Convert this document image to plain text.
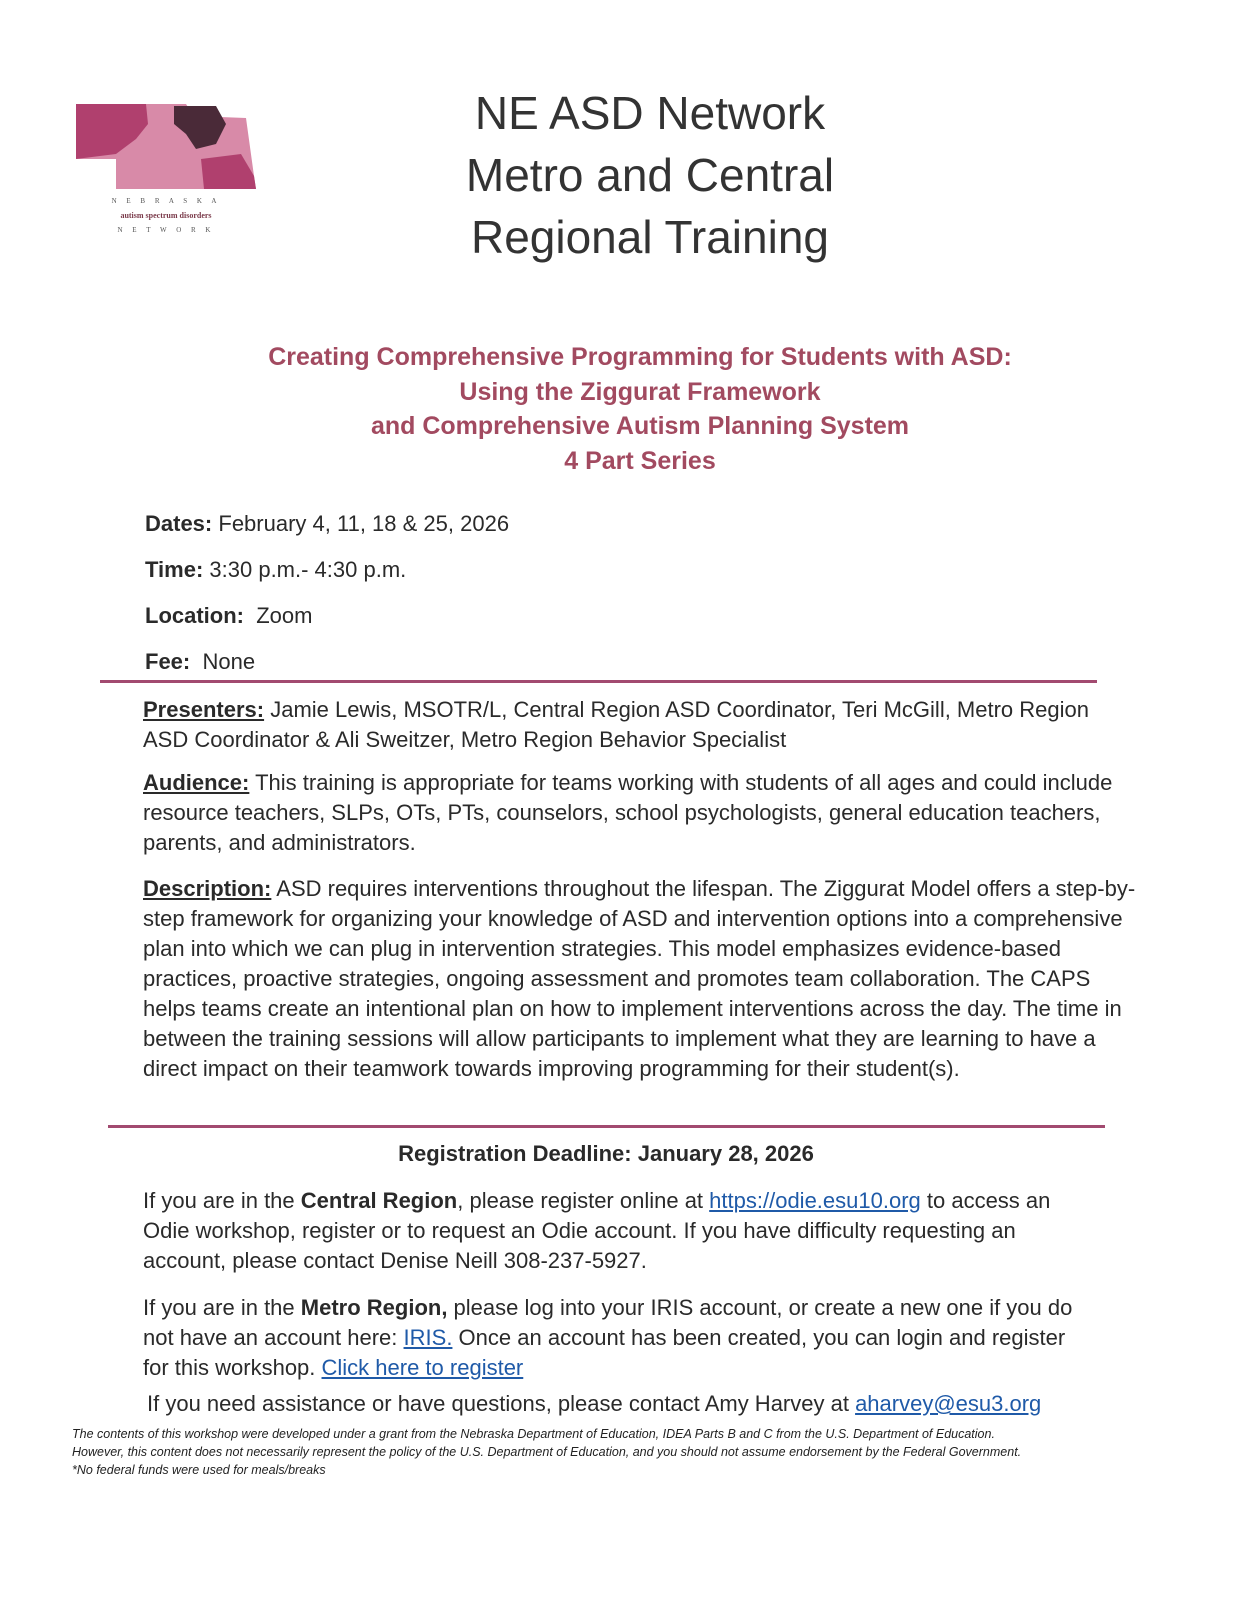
N E B R A S K A
autism spectrum disorders
N E T W O R K
NE ASD Network
Metro and Central
Regional Training
Creating Comprehensive Programming for Students with ASD:
Using the Ziggurat Framework
and Comprehensive Autism Planning System
4 Part Series
Dates: February 4, 11, 18 & 25, 2026
Time: 3:30 p.m.- 4:30 p.m.
Location: Zoom
Fee: None
Presenters: Jamie Lewis, MSOTR/L, Central Region ASD Coordinator, Teri McGill, Metro Region ASD Coordinator & Ali Sweitzer, Metro Region Behavior Specialist
Audience: This training is appropriate for teams working with students of all ages and could include resource teachers, SLPs, OTs, PTs, counselors, school psychologists, general education teachers, parents, and administrators.
Description: ASD requires interventions throughout the lifespan. The Ziggurat Model offers a step-by-step framework for organizing your knowledge of ASD and intervention options into a comprehensive plan into which we can plug in intervention strategies. This model emphasizes evidence-based practices, proactive strategies, ongoing assessment and promotes team collaboration. The CAPS helps teams create an intentional plan on how to implement interventions across the day. The time in between the training sessions will allow participants to implement what they are learning to have a direct impact on their teamwork towards improving programming for their student(s).
Registration Deadline: January 28, 2026
If you are in the Central Region, please register online at https://odie.esu10.org to access an Odie workshop, register or to request an Odie account. If you have difficulty requesting an account, please contact Denise Neill 308-237-5927.
If you are in the Metro Region, please log into your IRIS account, or create a new one if you do not have an account here: IRIS. Once an account has been created, you can login and register for this workshop. Click here to register
If you need assistance or have questions, please contact Amy Harvey at aharvey@esu3.org
The contents of this workshop were developed under a grant from the Nebraska Department of Education, IDEA Parts B and C from the U.S. Department of Education.
However, this content does not necessarily represent the policy of the U.S. Department of Education, and you should not assume endorsement by the Federal Government.
*No federal funds were used for meals/breaks
